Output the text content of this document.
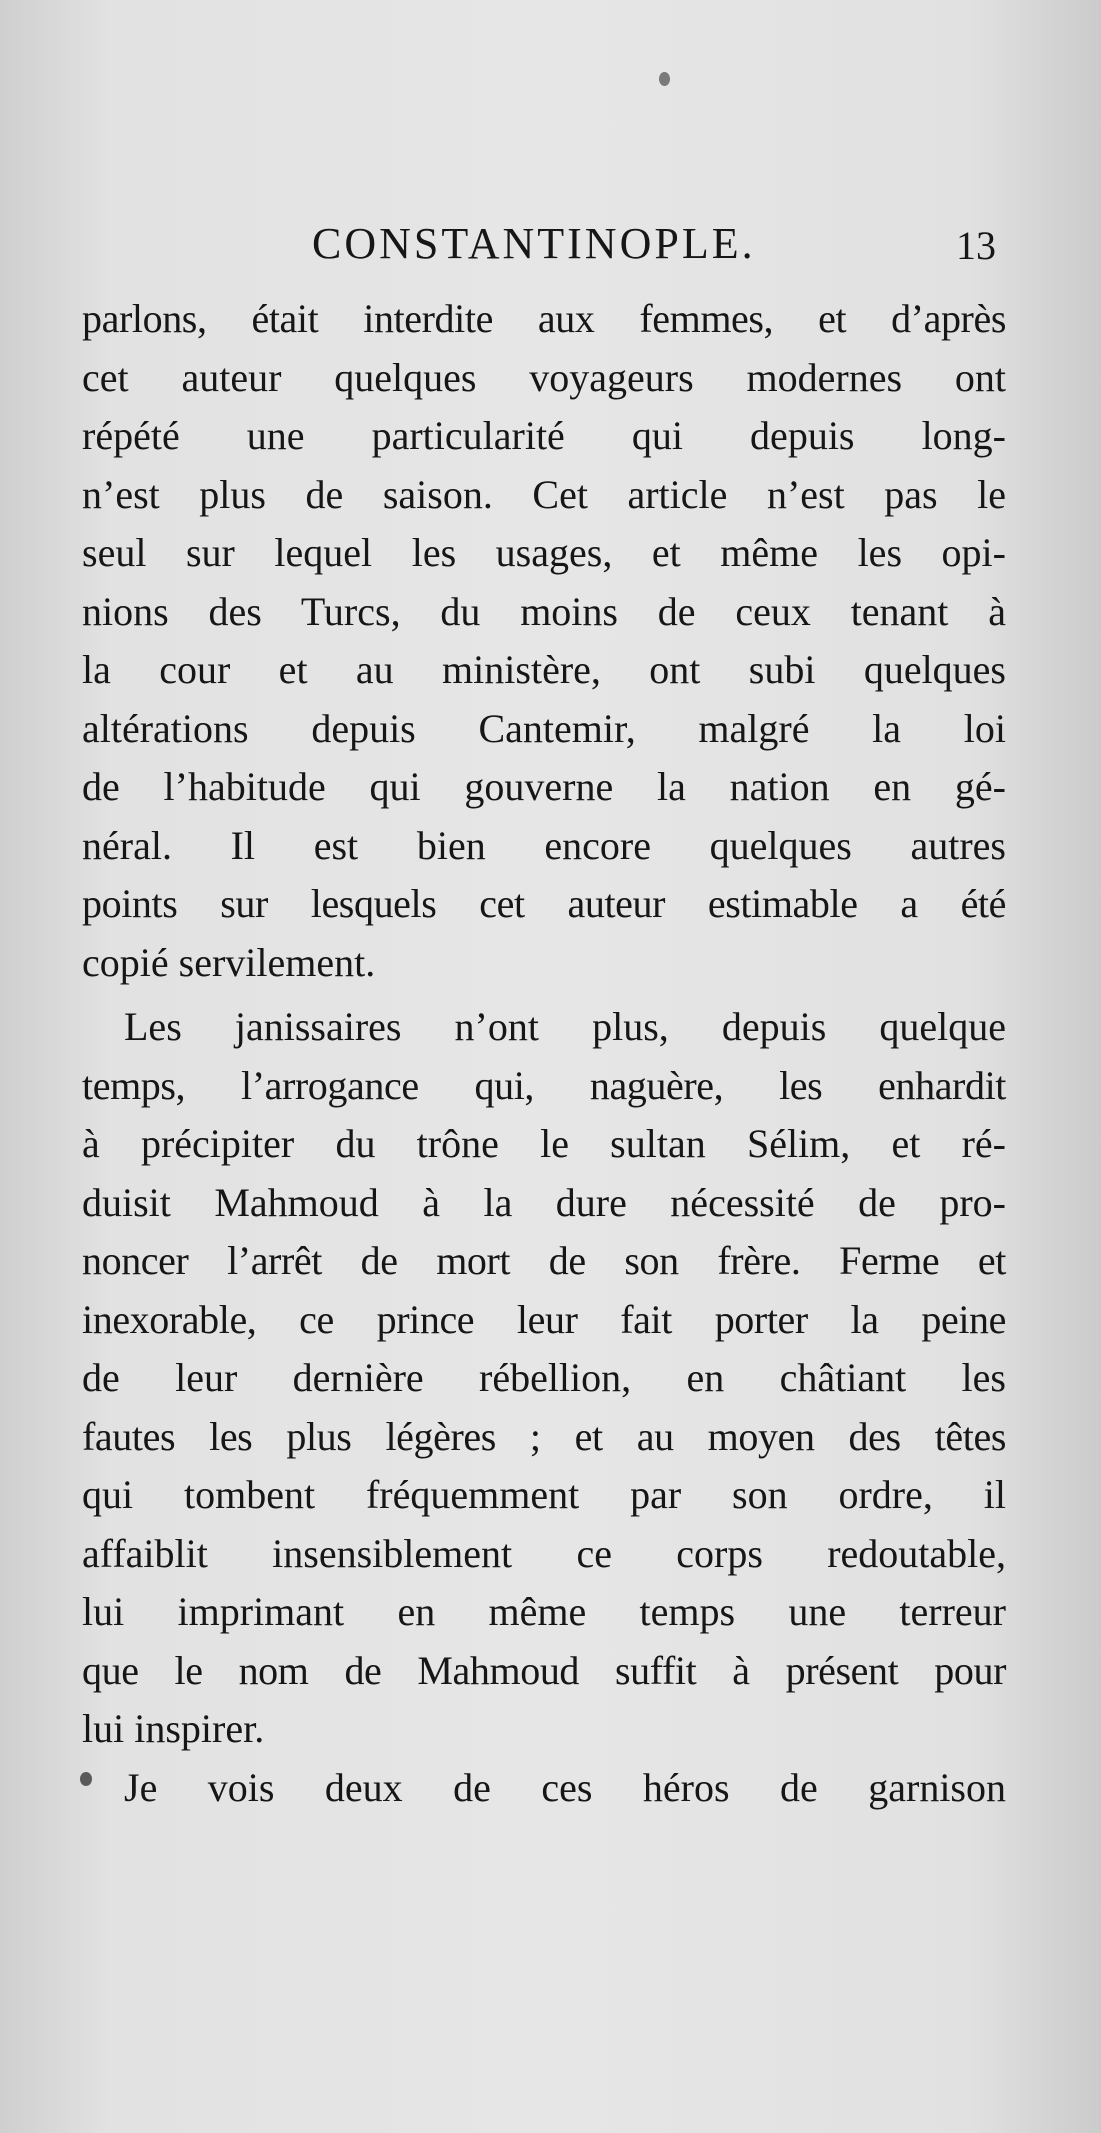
CONSTANTINOPLE.	13
parlons, était interdite aux femmes, et d’après
cet auteur quelques voyageurs modernes ont
répété une particularité qui depuis long-
n’est plus de saison. Cet article n’est pas le
seul sur lequel les usages, et même les opi-
nions des Turcs, du moins de ceux tenant à
la cour et au ministère, ont subi quelques
altérations depuis Cantemir, malgré la loi
de l’habitude qui gouverne la nation en gé-
néral. Il est bien encore quelques autres
points sur lesquels cet auteur estimable a été
copié servilement.
Les janissaires n’ont plus, depuis quelque
temps, l’arrogance qui, naguère, les enhardit
à précipiter du trône le sultan Sélim, et ré-
duisit Mahmoud à la dure nécessité de pro-
noncer l’arrêt de mort de son frère. Ferme et
inexorable, ce prince leur fait porter la peine
de leur dernière rébellion, en châtiant les
fautes les plus légères ; et au moyen des têtes
qui tombent fréquemment par son ordre, il
affaiblit insensiblement ce corps redoutable,
lui imprimant en même temps une terreur
que le nom de Mahmoud suffit à présent pour
lui inspirer.
Je vois deux de ces héros de garnison
